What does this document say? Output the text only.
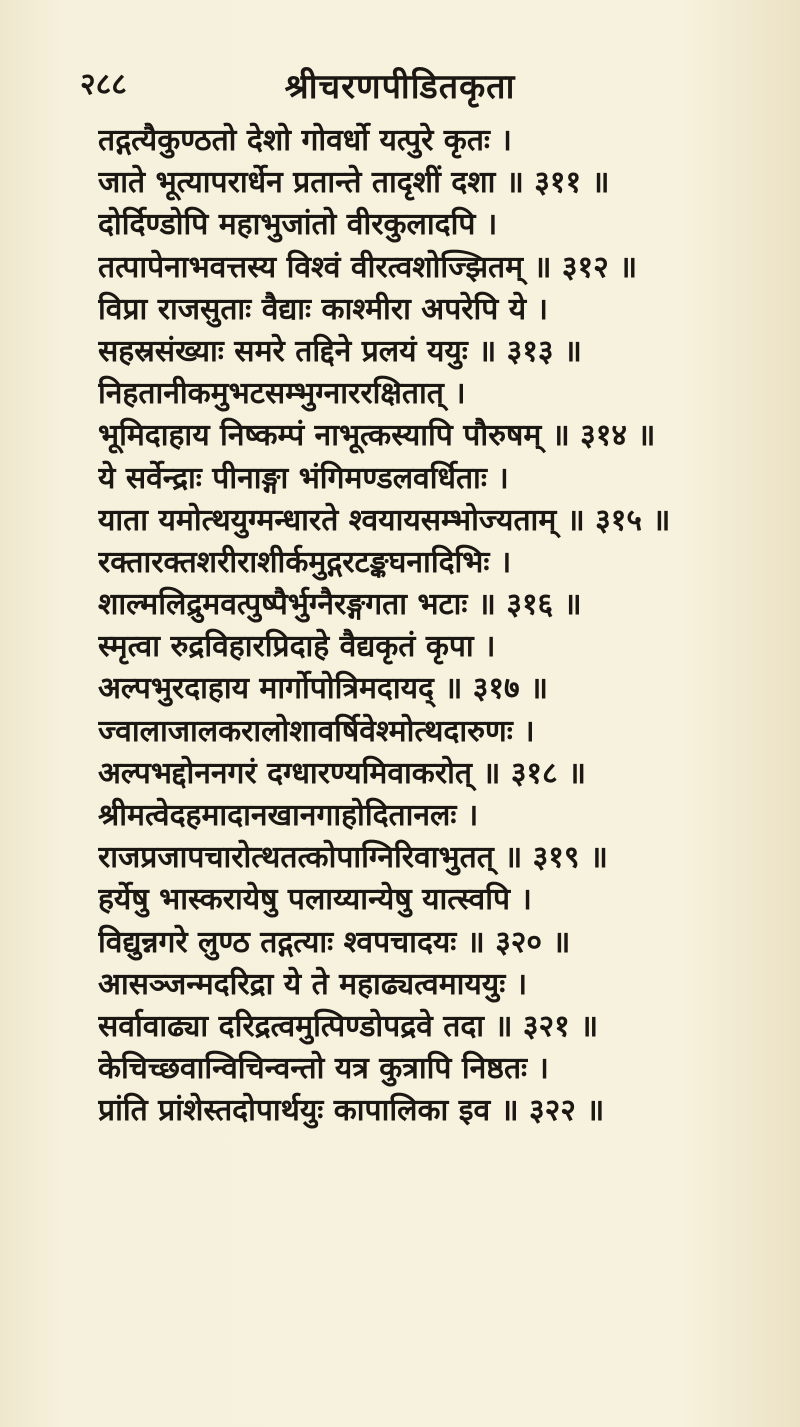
२८८	श्रीचरणपीडितकृता
तद्गत्यैकुण्ठतो देशो गोवर्धो यत्पुरे कृतः ।
जाते भूत्यापरार्धेन प्रतान्ते तादृशीं दशा ॥ ३११ ॥
दोर्दिण्डोपि महाभुजांतो वीरकुलादपि ।
तत्पापेनाभवत्तस्य विश्वं वीरत्वशोज्झितम् ॥ ३१२ ॥
विप्रा राजसुताः वैद्याः काश्मीरा अपरेपि ये ।
सहस्रसंख्याः समरे तद्दिने प्रलयं ययुः ॥ ३१३ ॥
निहतानीकमुभटसम्भुग्नाररक्षितात् ।
भूमिदाहाय निष्कम्पं नाभूत्कस्यापि पौरुषम् ॥ ३१४ ॥
ये सर्वेन्द्राः पीनाङ्गा भंगिमण्डलवर्धिताः ।
याता यमोत्थयुग्मन्धारते श्वयायसम्भोज्यताम् ॥ ३१५ ॥
रक्तारक्तशरीराशीर्कमुद्गरटङ्कघनादिभिः ।
शाल्मलिद्रुमवत्पुष्पैर्भुग्नैरङ्गगता भटाः ॥ ३१६ ॥
स्मृत्वा रुद्रविहारप्रिदाहे वैद्यकृतं कृपा ।
अल्पभुरदाहाय मार्गोपोत्रिमदायद् ॥ ३१७ ॥
ज्वालाजालकरालोशावर्षिवेश्मोत्थदारुणः ।
अल्पभद्दोननगरं दग्धारण्यमिवाकरोत् ॥ ३१८ ॥
श्रीमत्वेदहमादानखानगाहोदितानलः ।
राजप्रजापचारोत्थतत्कोपाग्निरिवाभुतत् ॥ ३१९ ॥
हर्येषु भास्करायेषु पलाय्यान्येषु यात्स्वपि ।
विद्युन्नगरे लुण्ठ तद्गत्याः श्वपचादयः ॥ ३२० ॥
आसञ्जन्मदरिद्रा ये ते महाढ्यत्वमाययुः ।
सर्वावाढ्या दरिद्रत्वमुत्पिण्डोपद्रवे तदा ॥ ३२१ ॥
केचिच्छवान्विचिन्वन्तो यत्र कुत्रापि निष्ठतः ।
प्रांति प्रांशेस्तदोपार्थयुः कापालिका इव ॥ ३२२ ॥
